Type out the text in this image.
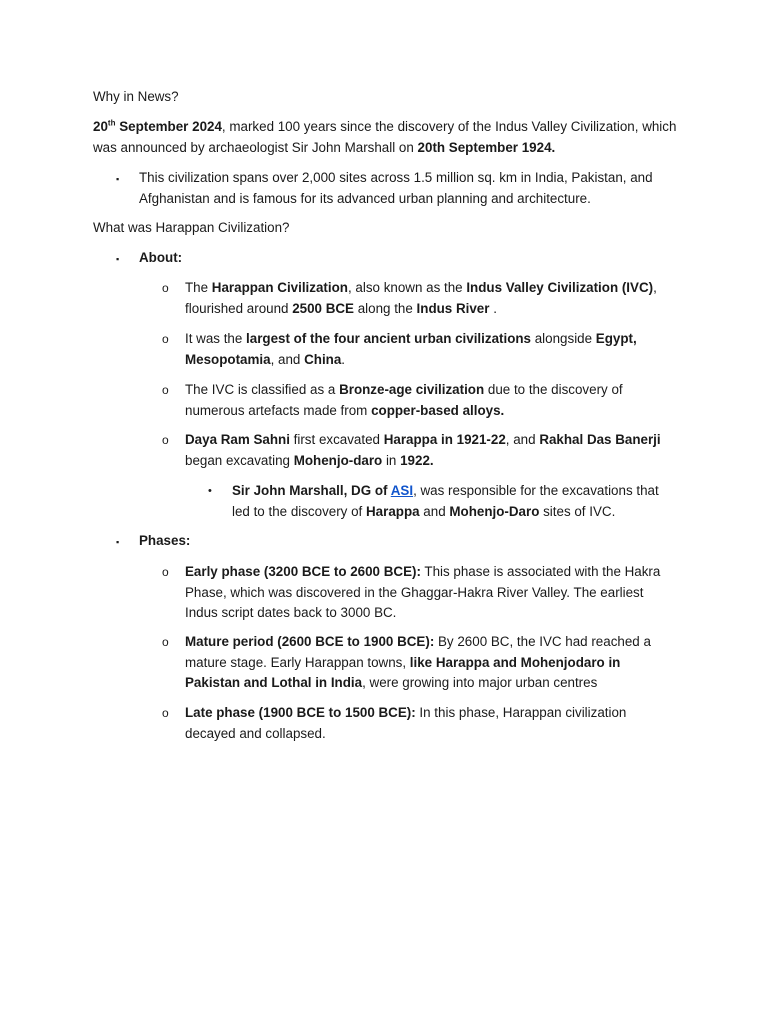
Why in News?

20th September 2024, marked 100 years since the discovery of the Indus Valley Civilization, which was announced by archaeologist Sir John Marshall on 20th September 1924.

▪ This civilization spans over 2,000 sites across 1.5 million sq. km in India, Pakistan, and Afghanistan and is famous for its advanced urban planning and architecture.

What was Harappan Civilization?

▪ About:
o The Harappan Civilization, also known as the Indus Valley Civilization (IVC), flourished around 2500 BCE along the Indus River .
o It was the largest of the four ancient urban civilizations alongside Egypt, Mesopotamia, and China.
o The IVC is classified as a Bronze-age civilization due to the discovery of numerous artefacts made from copper-based alloys.
o Daya Ram Sahni first excavated Harappa in 1921-22, and Rakhal Das Banerji began excavating Mohenjo-daro in 1922.
• Sir John Marshall, DG of ASI, was responsible for the excavations that led to the discovery of Harappa and Mohenjo-Daro sites of IVC.
▪ Phases:
o Early phase (3200 BCE to 2600 BCE): This phase is associated with the Hakra Phase, which was discovered in the Ghaggar-Hakra River Valley. The earliest Indus script dates back to 3000 BC.
o Mature period (2600 BCE to 1900 BCE): By 2600 BC, the IVC had reached a mature stage. Early Harappan towns, like Harappa and Mohenjodaro in Pakistan and Lothal in India, were growing into major urban centres
o Late phase (1900 BCE to 1500 BCE): In this phase, Harappan civilization decayed and collapsed.
